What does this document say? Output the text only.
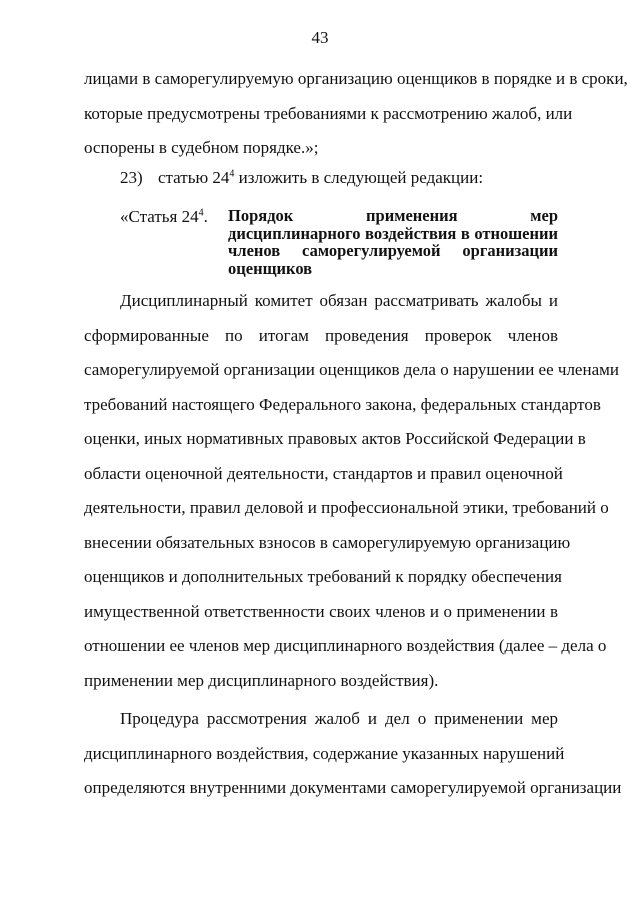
43
лицами в саморегулируемую организацию оценщиков в порядке и в сроки,
которые предусмотрены требованиями к рассмотрению жалоб, или
оспорены в судебном порядке.»;
23) статью $24^4$ изложить в следующей редакции:
«Статья $24^4$. Порядок применения мер
дисциплинарного воздействия в отношении
членов саморегулируемой организации
оценщиков
Дисциплинарный комитет обязан рассматривать жалобы и
сформированные по итогам проведения проверок членов
саморегулируемой организации оценщиков дела о нарушении ее членами
требований настоящего Федерального закона, федеральных стандартов
оценки, иных нормативных правовых актов Российской Федерации в
области оценочной деятельности, стандартов и правил оценочной
деятельности, правил деловой и профессиональной этики, требований о
внесении обязательных взносов в саморегулируемую организацию
оценщиков и дополнительных требований к порядку обеспечения
имущественной ответственности своих членов и о применении в
отношении ее членов мер дисциплинарного воздействия (далее – дела о
применении мер дисциплинарного воздействия).
Процедура рассмотрения жалоб и дел о применении мер
дисциплинарного воздействия, содержание указанных нарушений
определяются внутренними документами саморегулируемой организации
